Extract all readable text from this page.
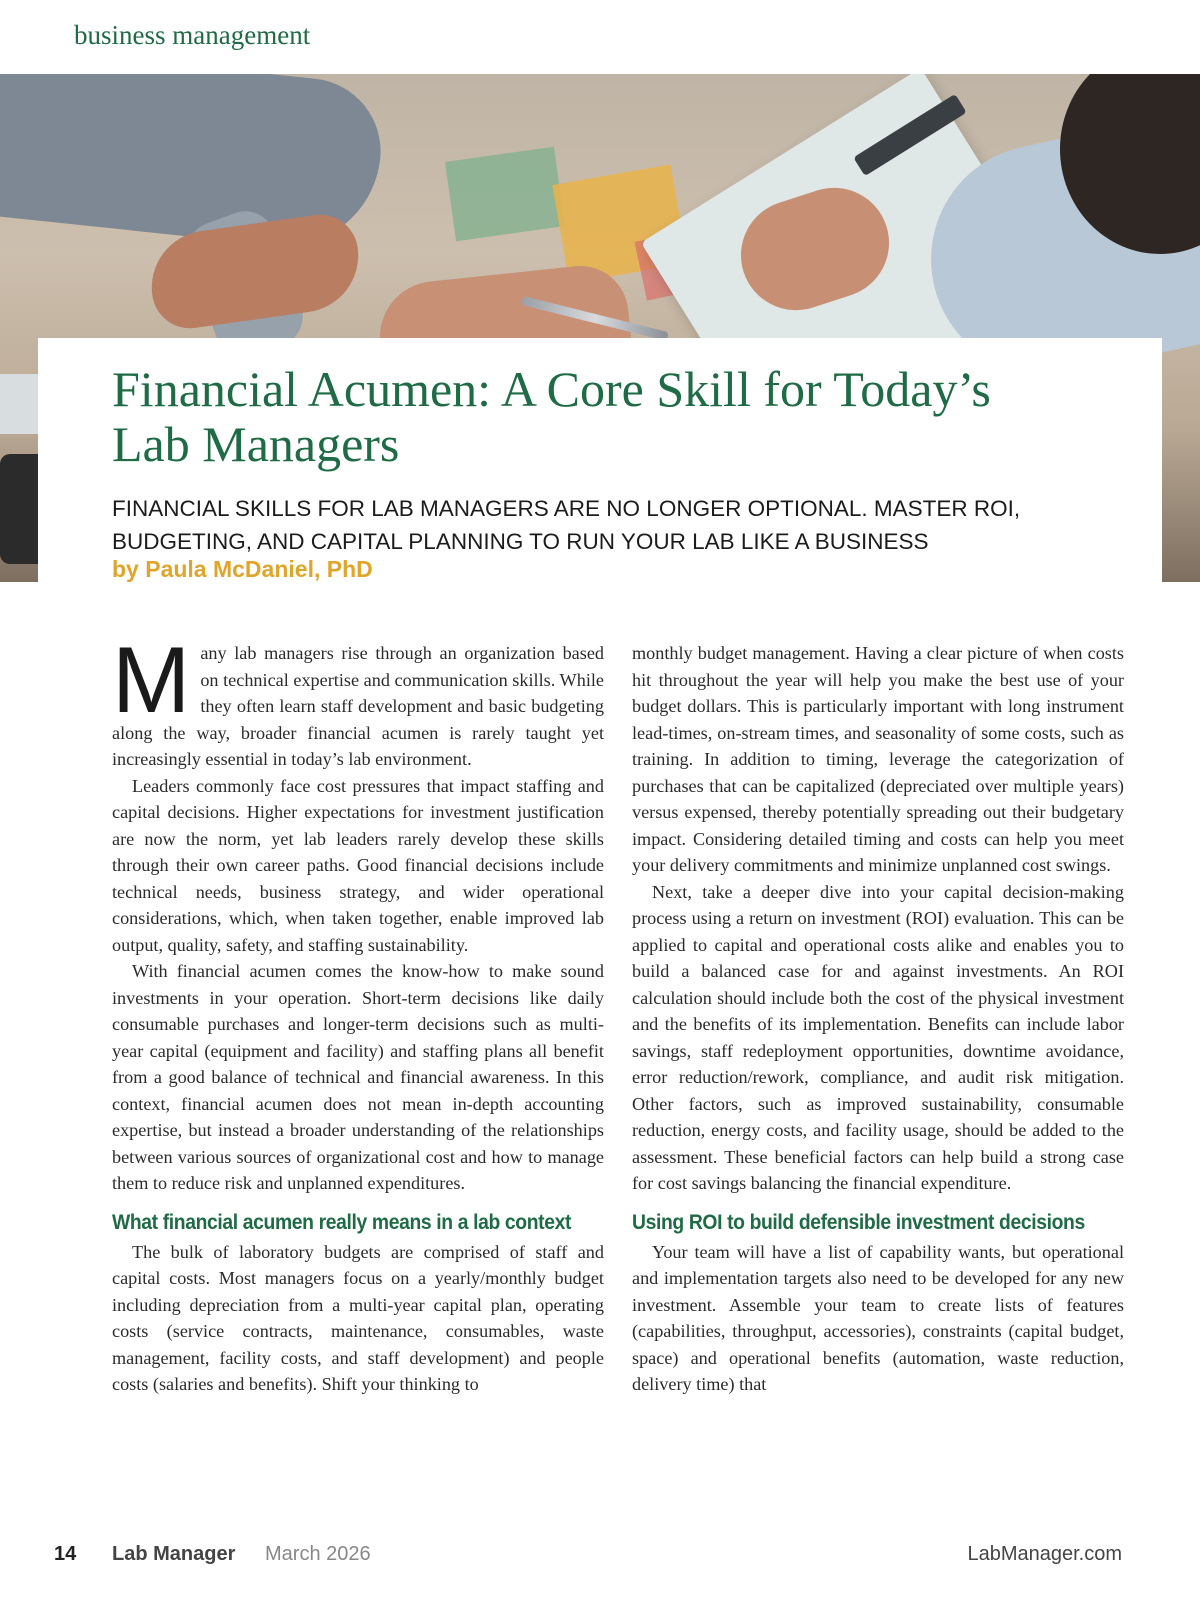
business management
Financial Acumen: A Core Skill for Today’s Lab Managers
FINANCIAL SKILLS FOR LAB MANAGERS ARE NO LONGER OPTIONAL. MASTER ROI, BUDGETING, AND CAPITAL PLANNING TO RUN YOUR LAB LIKE A BUSINESS
by Paula McDaniel, PhD

Many lab managers rise through an organization based on technical expertise and communication skills. While they often learn staff development and basic budgeting along the way, broader financial acumen is rarely taught yet increasingly essential in today’s lab environment.

Leaders commonly face cost pressures that impact staffing and capital decisions. Higher expectations for investment justification are now the norm, yet lab leaders rarely develop these skills through their own career paths. Good financial decisions include technical needs, business strategy, and wider operational considerations, which, when taken together, enable improved lab output, quality, safety, and staffing sustainability.

With financial acumen comes the know-how to make sound investments in your operation. Short-term decisions like daily consumable purchases and longer-term decisions such as multi-year capital (equipment and facility) and staffing plans all benefit from a good balance of technical and financial awareness. In this context, financial acumen does not mean in-depth accounting expertise, but instead a broader understanding of the relationships between various sources of organizational cost and how to manage them to reduce risk and unplanned expenditures.

What financial acumen really means in a lab context

The bulk of laboratory budgets are comprised of staff and capital costs. Most managers focus on a yearly/monthly budget including depreciation from a multi-year capital plan, operating costs (service contracts, maintenance, consumables, waste management, facility costs, and staff development) and people costs (salaries and benefits). Shift your thinking to

monthly budget management. Having a clear picture of when costs hit throughout the year will help you make the best use of your budget dollars. This is particularly important with long instrument lead-times, on-stream times, and seasonality of some costs, such as training. In addition to timing, leverage the categorization of purchases that can be capitalized (depreciated over multiple years) versus expensed, thereby potentially spreading out their budgetary impact. Considering detailed timing and costs can help you meet your delivery commitments and minimize unplanned cost swings.

Next, take a deeper dive into your capital decision-making process using a return on investment (ROI) evaluation. This can be applied to capital and operational costs alike and enables you to build a balanced case for and against investments. An ROI calculation should include both the cost of the physical investment and the benefits of its implementation. Benefits can include labor savings, staff redeployment opportunities, downtime avoidance, error reduction/rework, compliance, and audit risk mitigation. Other factors, such as improved sustainability, consumable reduction, energy costs, and facility usage, should be added to the assessment. These beneficial factors can help build a strong case for cost savings balancing the financial expenditure.

Using ROI to build defensible investment decisions

Your team will have a list of capability wants, but operational and implementation targets also need to be developed for any new investment. Assemble your team to create lists of features (capabilities, throughput, accessories), constraints (capital budget, space) and operational benefits (automation, waste reduction, delivery time) that

14 Lab Manager March 2026	LabManager.com
